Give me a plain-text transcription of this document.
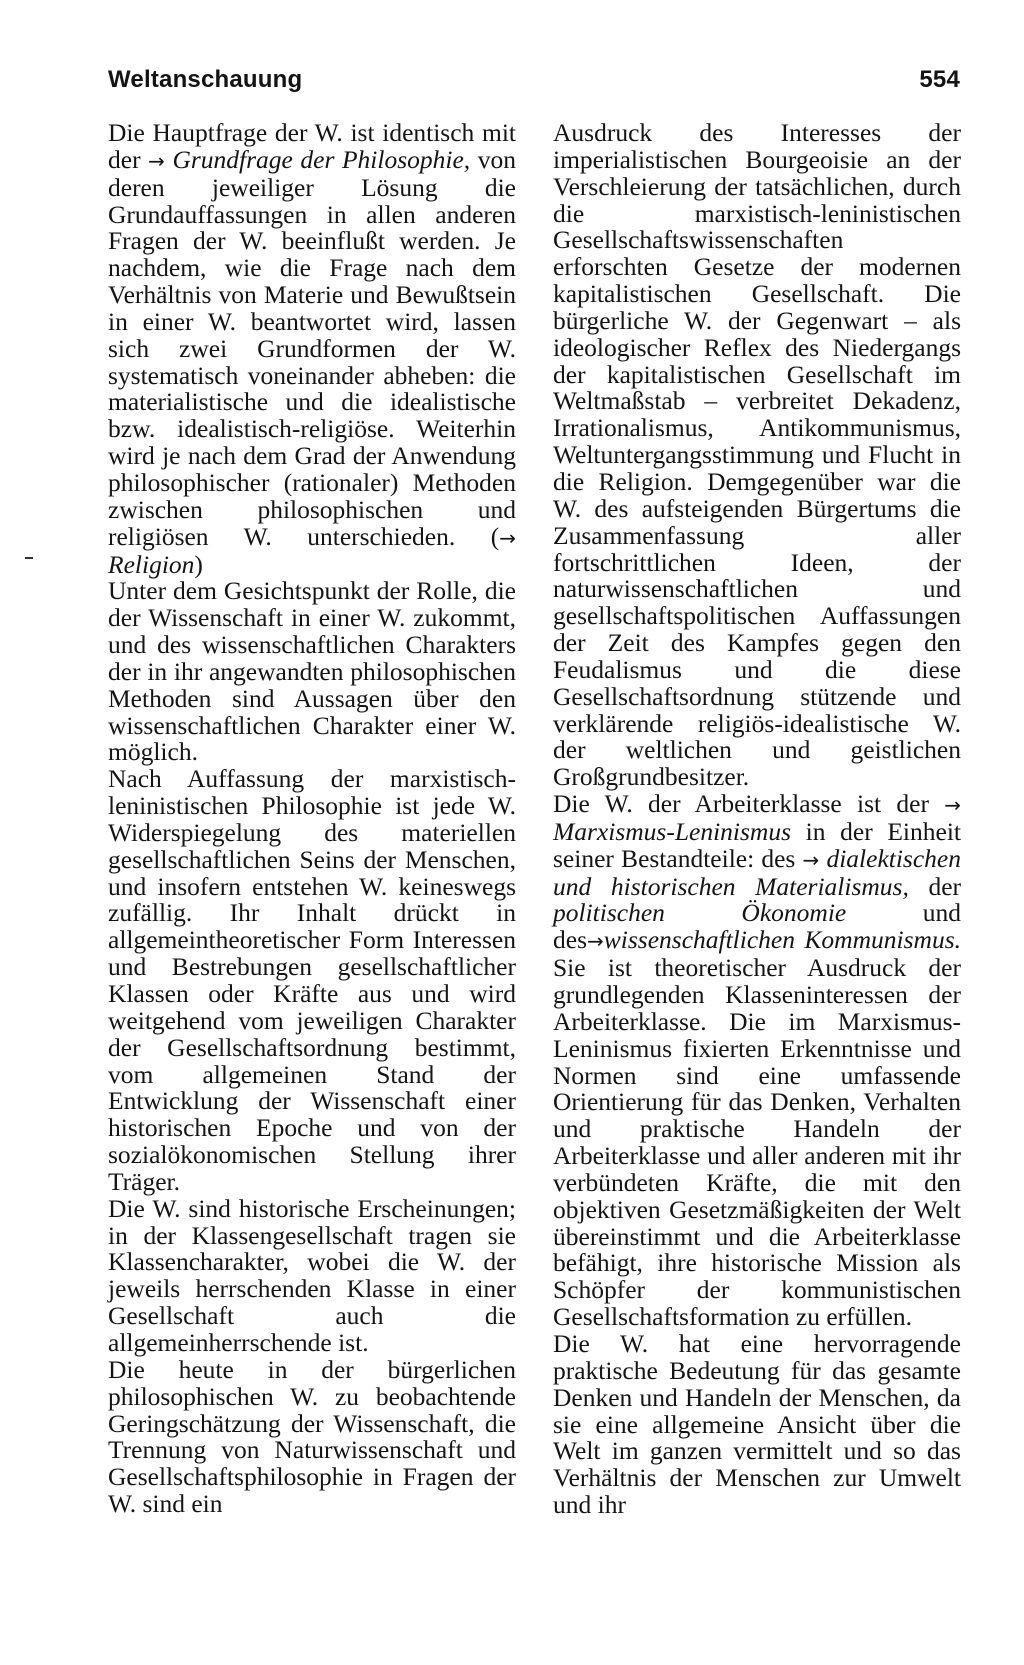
Weltanschauung	554

Die Hauptfrage der W. ist identisch mit der → Grundfrage der Philosophie, von deren jeweiliger Lösung die Grundauffassungen in allen anderen Fragen der W. beeinflußt werden. Je nachdem, wie die Frage nach dem Verhältnis von Materie und Bewußtsein in einer W. beantwortet wird, lassen sich zwei Grundformen der W. systematisch voneinander abheben: die materialistische und die idealistische bzw. idealistisch-religiöse. Weiterhin wird je nach dem Grad der Anwendung philosophischer (rationaler) Methoden zwischen philosophischen und religiösen W. unterschieden. (→ Religion)

Unter dem Gesichtspunkt der Rolle, die der Wissenschaft in einer W. zukommt, und des wissenschaftlichen Charakters der in ihr angewandten philosophischen Methoden sind Aussagen über den wissenschaftlichen Charakter einer W. möglich.

Nach Auffassung der marxistisch-leninistischen Philosophie ist jede W. Widerspiegelung des materiellen gesellschaftlichen Seins der Menschen, und insofern entstehen W. keineswegs zufällig. Ihr Inhalt drückt in allgemeintheoretischer Form Interessen und Bestrebungen gesellschaftlicher Klassen oder Kräfte aus und wird weitgehend vom jeweiligen Charakter der Gesellschaftsordnung bestimmt, vom allgemeinen Stand der Entwicklung der Wissenschaft einer historischen Epoche und von der sozialökonomischen Stellung ihrer Träger.

Die W. sind historische Erscheinungen; in der Klassengesellschaft tragen sie Klassencharakter, wobei die W. der jeweils herrschenden Klasse in einer Gesellschaft auch die allgemeinherrschende ist.

Die heute in der bürgerlichen philosophischen W. zu beobachtende Geringschätzung der Wissenschaft, die Trennung von Naturwissenschaft und Gesellschaftsphilosophie in Fragen der W. sind ein

Ausdruck des Interesses der imperialistischen Bourgeoisie an der Verschleierung der tatsächlichen, durch die marxistisch-leninistischen Gesellschaftswissenschaften erforschten Gesetze der modernen kapitalistischen Gesellschaft. Die bürgerliche W. der Gegenwart – als ideologischer Reflex des Niedergangs der kapitalistischen Gesellschaft im Weltmaßstab – verbreitet Dekadenz, Irrationalismus, Antikommunismus, Weltuntergangsstimmung und Flucht in die Religion. Demgegenüber war die W. des aufsteigenden Bürgertums die Zusammenfassung aller fortschrittlichen Ideen, der naturwissenschaftlichen und gesellschaftspolitischen Auffassungen der Zeit des Kampfes gegen den Feudalismus und die diese Gesellschaftsordnung stützende und verklärende religiös-idealistische W. der weltlichen und geistlichen Großgrundbesitzer.

Die W. der Arbeiterklasse ist der → Marxismus-Leninismus in der Einheit seiner Bestandteile: des → dialektischen und historischen Materialismus, der politischen Ökonomie und des→wissenschaftlichen Kommunismus. Sie ist theoretischer Ausdruck der grundlegenden Klasseninteressen der Arbeiterklasse. Die im Marxismus-Leninismus fixierten Erkenntnisse und Normen sind eine umfassende Orientierung für das Denken, Verhalten und praktische Handeln der Arbeiterklasse und aller anderen mit ihr verbündeten Kräfte, die mit den objektiven Gesetzmäßigkeiten der Welt übereinstimmt und die Arbeiterklasse befähigt, ihre historische Mission als Schöpfer der kommunistischen Gesellschaftsformation zu erfüllen.

Die W. hat eine hervorragende praktische Bedeutung für das gesamte Denken und Handeln der Menschen, da sie eine allgemeine Ansicht über die Welt im ganzen vermittelt und so das Verhältnis der Menschen zur Umwelt und ihr
